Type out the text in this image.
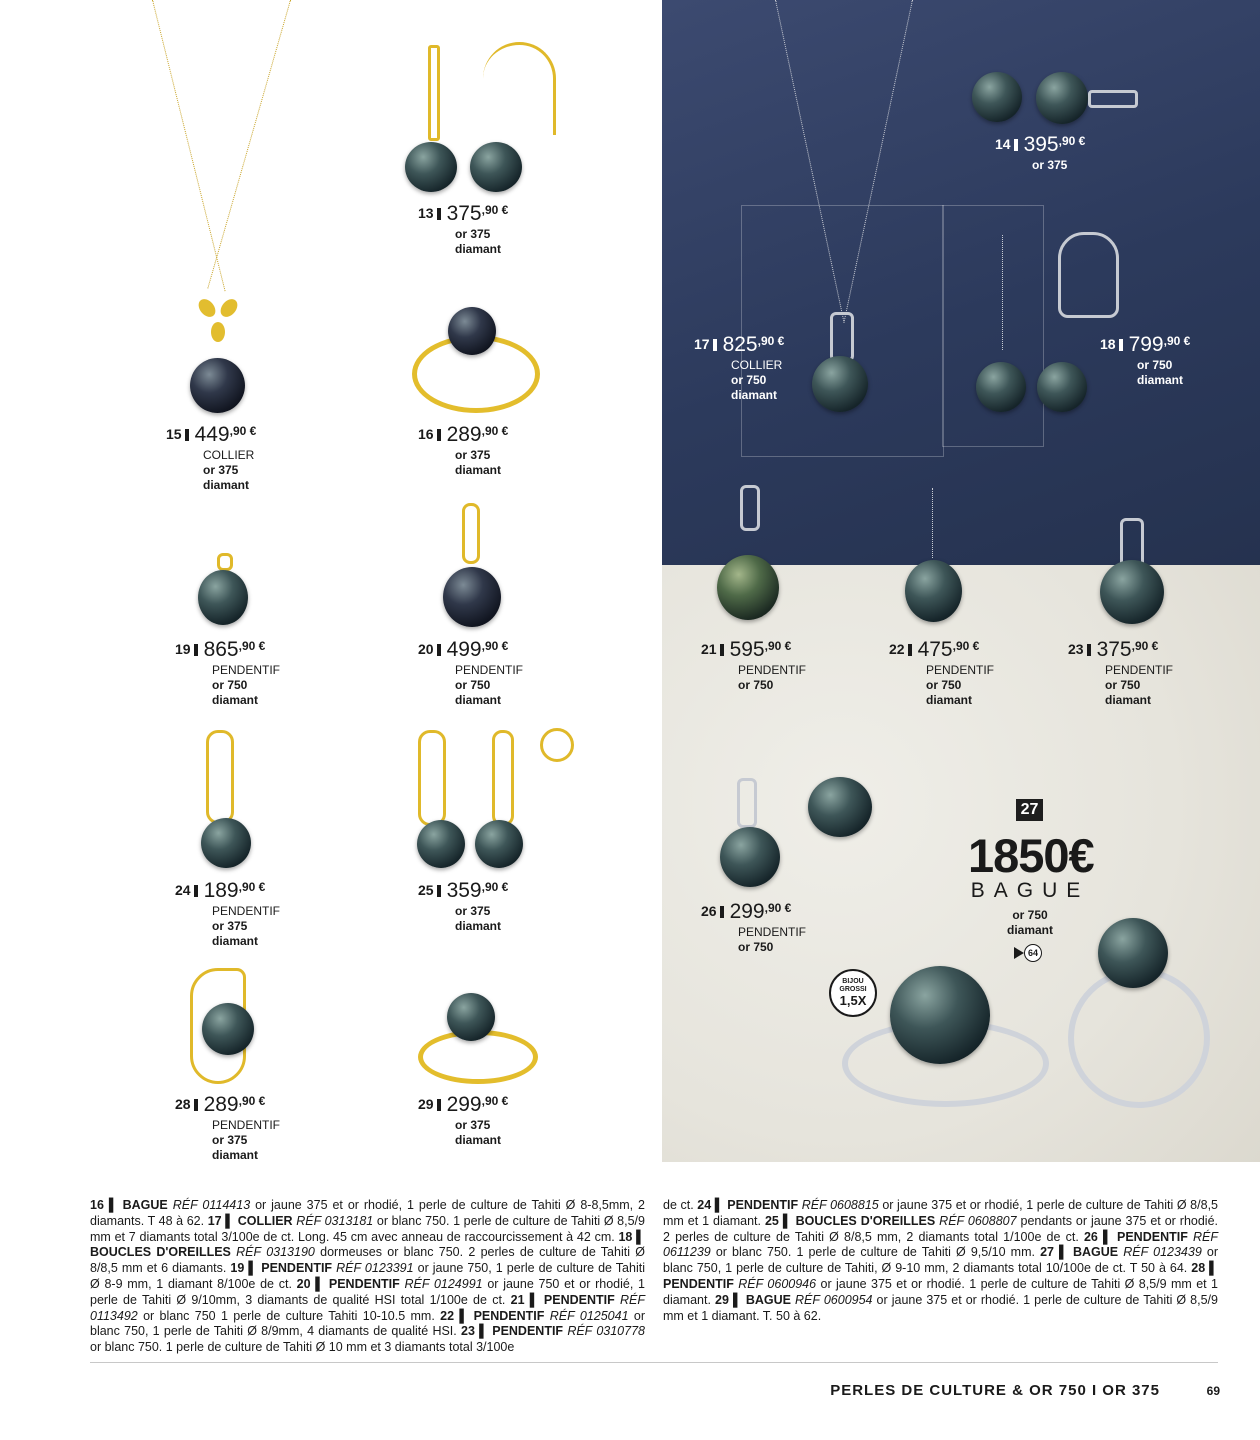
13 $375^{,90 €}$
or 375
diamant
14 $395^{,90 €}$
or 375
15 $449^{,90 €}$
COLLIER
or 375
diamant
16 $289^{,90 €}$
or 375
diamant
17 $825^{,90 €}$
COLLIER
or 750
diamant
18 $799^{,90 €}$
or 750
diamant
19 $865^{,90 €}$
PENDENTIF
or 750
diamant
20 $499^{,90 €}$
PENDENTIF
or 750
diamant
21 $595^{,90 €}$
PENDENTIF
or 750
22 $475^{,90 €}$
PENDENTIF
or 750
diamant
23 $375^{,90 €}$
PENDENTIF
or 750
diamant
24 $189^{,90 €}$
PENDENTIF
or 375
diamant
25 $359^{,90 €}$
or 375
diamant
26 $299^{,90 €}$
PENDENTIF
or 750
28 $289^{,90 €}$
PENDENTIF
or 375
diamant
29 $299^{,90 €}$
or 375
diamant
27
1850€
BAGUE
or 750
diamant
64
BIJOU
GROSSI
1,5X

16 ▌ BAGUE RÉF 0114413 or jaune 375 et or rhodié, 1 perle de culture de Tahiti Ø 8-8,5mm, 2 diamants. T 48 à 62. 17 ▌ COLLIER RÉF 0313181 or blanc 750. 1 perle de culture de Tahiti Ø 8,5/9 mm et 7 diamants total 3/100e de ct. Long. 45 cm avec anneau de raccourcissement à 42 cm. 18 ▌ BOUCLES D'OREILLES RÉF 0313190 dormeuses or blanc 750. 2 perles de culture de Tahiti Ø 8/8,5 mm et 6 diamants. 19 ▌ PENDENTIF RÉF 0123391 or jaune 750, 1 perle de culture de Tahiti Ø 8-9 mm, 1 diamant 8/100e de ct. 20 ▌ PENDENTIF RÉF 0124991 or jaune 750 et or rhodié, 1 perle de Tahiti Ø 9/10mm, 3 diamants de qualité HSI total 1/100e de ct. 21 ▌ PENDENTIF RÉF 0113492 or blanc 750 1 perle de culture Tahiti 10-10.5 mm. 22 ▌ PENDENTIF RÉF 0125041 or blanc 750, 1 perle de Tahiti Ø 8/9mm, 4 diamants de qualité HSI. 23 ▌ PENDENTIF RÉF 0310778 or blanc 750. 1 perle de culture de Tahiti Ø 10 mm et 3 diamants total 3/100e

de ct. 24 ▌ PENDENTIF RÉF 0608815 or jaune 375 et or rhodié, 1 perle de culture de Tahiti Ø 8/8,5 mm et 1 diamant. 25 ▌ BOUCLES D'OREILLES RÉF 0608807 pendants or jaune 375 et or rhodié. 2 perles de culture de Tahiti Ø 8/8,5 mm, 2 diamants total 1/100e de ct. 26 ▌ PENDENTIF RÉF 0611239 or blanc 750. 1 perle de culture de Tahiti Ø 9,5/10 mm. 27 ▌ BAGUE RÉF 0123439 or blanc 750, 1 perle de culture de Tahiti, Ø 9-10 mm, 2 diamants total 10/100e de ct. T 50 à 64. 28 ▌ PENDENTIF RÉF 0600946 or jaune 375 et or rhodié. 1 perle de culture de Tahiti Ø 8,5/9 mm et 1 diamant. 29 ▌ BAGUE RÉF 0600954 or jaune 375 et or rhodié. 1 perle de culture de Tahiti Ø 8,5/9 mm et 1 diamant. T. 50 à 62.

PERLES DE CULTURE & OR 750 I OR 375	69
